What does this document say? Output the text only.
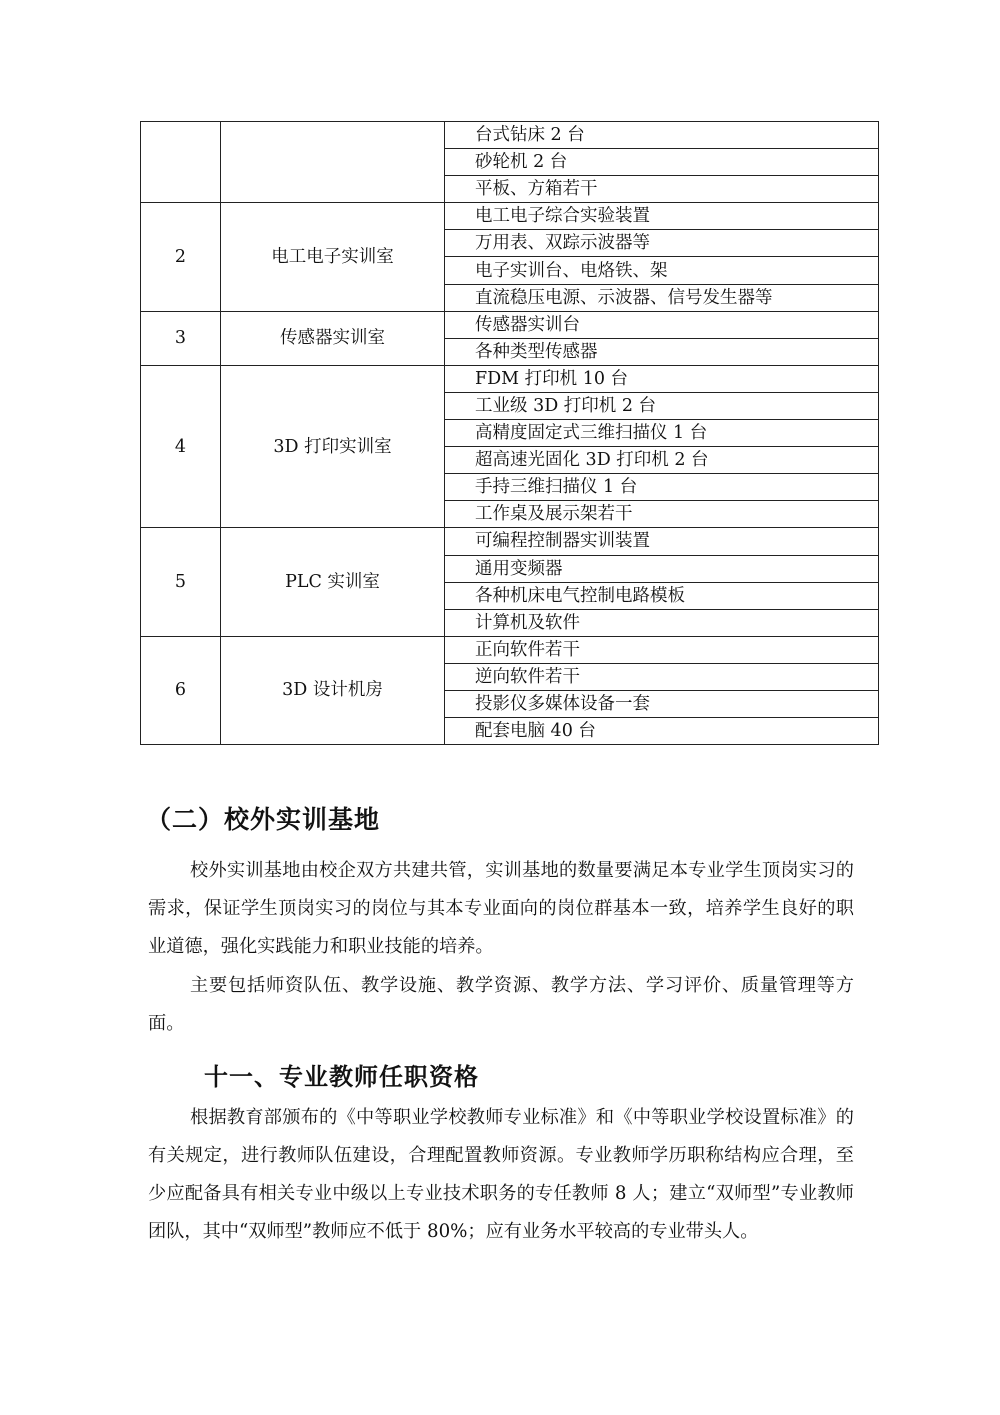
		台式钻床 2 台
		砂轮机 2 台
		平板、方箱若干
2	电工电子实训室	电工电子综合实验装置
		万用表、双踪示波器等
		电子实训台、电烙铁、架
		直流稳压电源、示波器、信号发生器等
3	传感器实训室	传感器实训台
		各种类型传感器
4	3D 打印实训室	FDM 打印机 10 台
		工业级 3D 打印机 2 台
		高精度固定式三维扫描仪 1 台
		超高速光固化 3D 打印机 2 台
		手持三维扫描仪 1 台
		工作桌及展示架若干
5	PLC 实训室	可编程控制器实训装置
		通用变频器
		各种机床电气控制电路模板
		计算机及软件
6	3D 设计机房	正向软件若干
		逆向软件若干
		投影仪多媒体设备一套
		配套电脑 40 台
（二）校外实训基地

校外实训基地由校企双方共建共管，实训基地的数量要满足本专业学生顶岗实习的需求，保证学生顶岗实习的岗位与其本专业面向的岗位群基本一致，培养学生良好的职业道德，强化实践能力和职业技能的培养。

主要包括师资队伍、教学设施、教学资源、教学方法、学习评价、质量管理等方面。

十一、专业教师任职资格

根据教育部颁布的《中等职业学校教师专业标准》和《中等职业学校设置标准》的有关规定，进行教师队伍建设，合理配置教师资源。专业教师学历职称结构应合理，至少应配备具有相关专业中级以上专业技术职务的专任教师 8 人；建立“双师型”专业教师团队，其中“双师型”教师应不低于 80%；应有业务水平较高的专业带头人。
